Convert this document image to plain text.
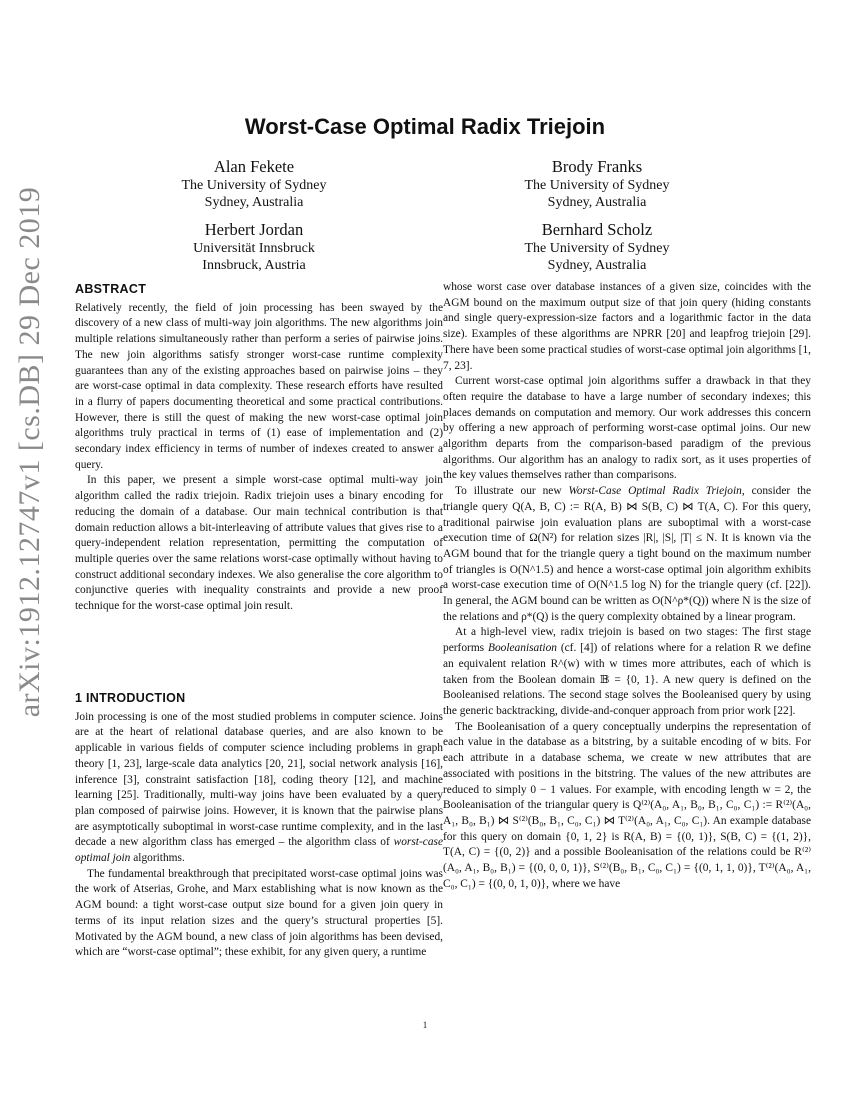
arXiv:1912.12747v1 [cs.DB] 29 Dec 2019
Worst-Case Optimal Radix Triejoin
Alan Fekete
The University of Sydney
Sydney, Australia
Brody Franks
The University of Sydney
Sydney, Australia
Herbert Jordan
Universität Innsbruck
Innsbruck, Austria
Bernhard Scholz
The University of Sydney
Sydney, Australia
ABSTRACT

Relatively recently, the field of join processing has been swayed by the discovery of a new class of multi-way join algorithms. The new algorithms join multiple relations simultaneously rather than perform a series of pairwise joins. The new join algorithms satisfy stronger worst-case runtime complexity guarantees than any of the existing approaches based on pairwise joins – they are worst-case optimal in data complexity. These research efforts have resulted in a flurry of papers documenting theoretical and some practical contributions. However, there is still the quest of making the new worst-case optimal join algorithms truly practical in terms of (1) ease of implementation and (2) secondary index efficiency in terms of number of indexes created to answer a query.

In this paper, we present a simple worst-case optimal multi-way join algorithm called the radix triejoin. Radix triejoin uses a binary encoding for reducing the domain of a database. Our main technical contribution is that domain reduction allows a bit-interleaving of attribute values that gives rise to a query-independent relation representation, permitting the computation of multiple queries over the same relations worst-case optimally without having to construct additional secondary indexes. We also generalise the core algorithm to conjunctive queries with inequality constraints and provide a new proof technique for the worst-case optimal join result.

1 INTRODUCTION

Join processing is one of the most studied problems in computer science. Joins are at the heart of relational database queries, and are also known to be applicable in various fields of computer science including problems in graph theory [1, 23], large-scale data analytics [20, 21], social network analysis [16], inference [3], constraint satisfaction [18], coding theory [12], and machine learning [25]. Traditionally, multi-way joins have been evaluated by a query plan composed of pairwise joins. However, it is known that the pairwise plans are asymptotically suboptimal in worst-case runtime complexity, and in the last decade a new algorithm class has emerged – the algorithm class of worst-case optimal join algorithms.

The fundamental breakthrough that precipitated worst-case optimal joins was the work of Atserias, Grohe, and Marx establishing what is now known as the AGM bound: a tight worst-case output size bound for a given join query in terms of its input relation sizes and the query’s structural properties [5]. Motivated by the AGM bound, a new class of join algorithms has been devised, which are “worst-case optimal”; these exhibit, for any given query, a runtime

whose worst case over database instances of a given size, coincides with the AGM bound on the maximum output size of that join query (hiding constants and single query-expression-size factors and a logarithmic factor in the data size). Examples of these algorithms are NPRR [20] and leapfrog triejoin [29]. There have been some practical studies of worst-case optimal join algorithms [1, 7, 23].

Current worst-case optimal join algorithms suffer a drawback in that they often require the database to have a large number of secondary indexes; this places demands on computation and memory. Our work addresses this concern by offering a new approach of performing worst-case optimal joins. Our new algorithm departs from the comparison-based paradigm of the previous algorithms. Our algorithm has an analogy to radix sort, as it uses properties of the key values themselves rather than comparisons.

To illustrate our new Worst-Case Optimal Radix Triejoin, consider the triangle query Q(A, B, C) := R(A, B) ⋈ S(B, C) ⋈ T(A, C). For this query, traditional pairwise join evaluation plans are suboptimal with a worst-case execution time of Ω(N²) for relation sizes |R|, |S|, |T| ≤ N. It is known via the AGM bound that for the triangle query a tight bound on the maximum number of triangles is O(N^1.5) and hence a worst-case optimal join algorithm exhibits a worst-case execution time of O(N^1.5 log N) for the triangle query (cf. [22]). In general, the AGM bound can be written as O(N^ρ*(Q)) where N is the size of the relations and ρ*(Q) is the query complexity obtained by a linear program.

At a high-level view, radix triejoin is based on two stages: The first stage performs Booleanisation (cf. [4]) of relations where for a relation R we define an equivalent relation R^(w) with w times more attributes, each of which is taken from the Boolean domain 𝔹 = {0, 1}. A new query is defined on the Booleanised relations. The second stage solves the Booleanised query by using the generic backtracking, divide-and-conquer approach from prior work [22].

The Booleanisation of a query conceptually underpins the representation of each value in the database as a bitstring, by a suitable encoding of w bits. For each attribute in a database schema, we create w new attributes that are associated with positions in the bitstring. The values of the new attributes are reduced to simply 0 − 1 values. For example, with encoding length w = 2, the Booleanisation of the triangular query is Q⁽²⁾(A₀, A₁, B₀, B₁, C₀, C₁) := R⁽²⁾(A₀, A₁, B₀, B₁) ⋈ S⁽²⁾(B₀, B₁, C₀, C₁) ⋈ T⁽²⁾(A₀, A₁, C₀, C₁). An example database for this query on domain {0, 1, 2} is R(A, B) = {(0, 1)}, S(B, C) = {(1, 2)}, T(A, C) = {(0, 2)} and a possible Booleanisation of the relations could be R⁽²⁾(A₀, A₁, B₀, B₁) = {(0, 0, 0, 1)}, S⁽²⁾(B₀, B₁, C₀, C₁) = {(0, 1, 1, 0)}, T⁽²⁾(A₀, A₁, C₀, C₁) = {(0, 0, 1, 0)}, where we have

1
